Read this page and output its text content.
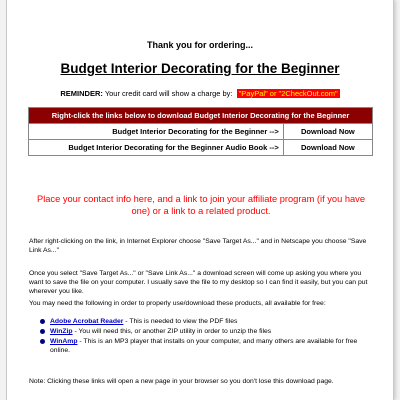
Thank you for ordering...
Budget Interior Decorating for the Beginner
REMINDER: Your credit card will show a charge by: "PayPal" or "2CheckOut.com"
Right-click the links below to download Budget Interior Decorating for the Beginner	
Budget Interior Decorating for the Beginner -->	Download Now
Budget Interior Decorating for the Beginner Audio Book -->	Download Now
Place your contact info here, and a link to join your affiliate program (if you have one) or a link to a related product.
After right-clicking on the link, in Internet Explorer choose "Save Target As..." and in Netscape you choose "Save Link As..."
Once you select "Save Target As..." or "Save Link As..." a download screen will come up asking you where you want to save the file on your computer. I usually save the file to my desktop so I can find it easily, but you can put wherever you like.
You may need the following in order to properly use/download these products, all available for free:
Adobe Acrobat Reader - This is needed to view the PDF files
WinZip - You will need this, or another ZIP utility in order to unzip the files
WinAmp - This is an MP3 player that installs on your computer, and many others are available for free online.
Note: Clicking these links will open a new page in your browser so you don't lose this download page.
